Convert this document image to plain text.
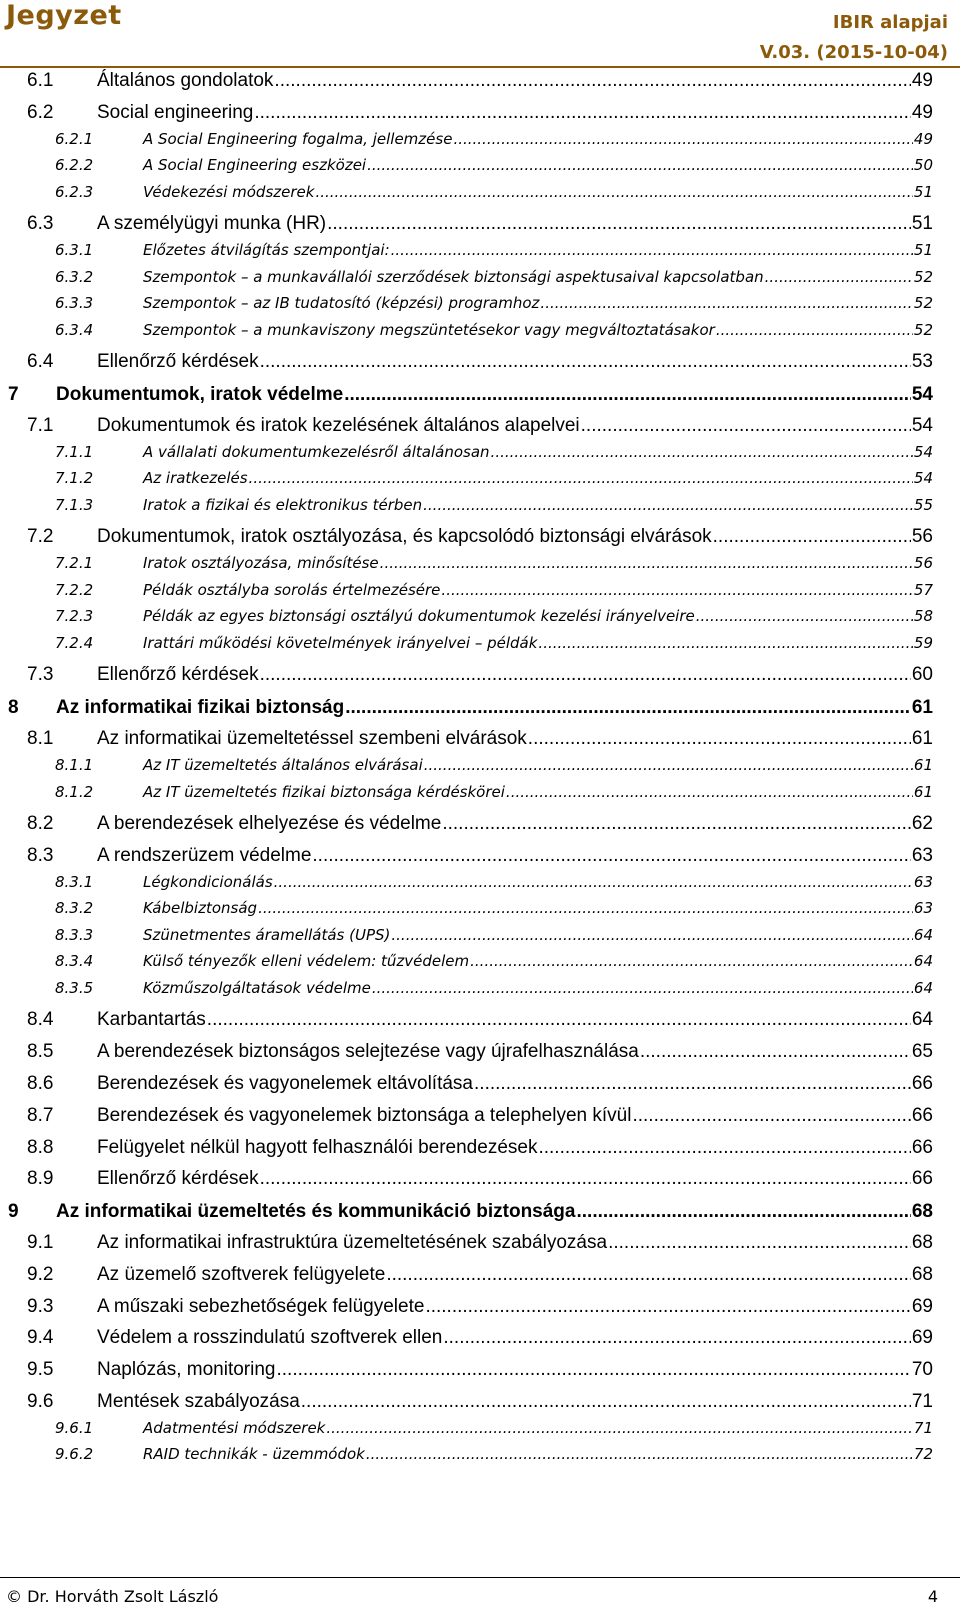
Jegyzet	IBIR alapjai
V.03. (2015-10-04)
6.1	Általános gondolatok .....	49
6.2	Social engineering .....	49
6.2.1	A Social Engineering fogalma, jellemzése .....	49
6.2.2	A Social Engineering eszközei .....	50
6.2.3	Védekezési módszerek .....	51
6.3	A személyügyi munka (HR) .....	51
6.3.1	Előzetes átvilágítás szempontjai: .....	51
6.3.2	Szempontok – a munkavállalói szerződések biztonsági aspektusaival kapcsolatban .....	52
6.3.3	Szempontok – az IB tudatosító (képzési) programhoz .....	52
6.3.4	Szempontok – a munkaviszony megszüntetésekor vagy megváltoztatásakor .....	52
6.4	Ellenőrző kérdések .....	53
7	Dokumentumok, iratok védelme .....	54
7.1	Dokumentumok és iratok kezelésének általános alapelvei .....	54
7.1.1	A vállalati dokumentumkezelésről általánosan .....	54
7.1.2	Az iratkezelés .....	54
7.1.3	Iratok a fizikai és elektronikus térben .....	55
7.2	Dokumentumok, iratok osztályozása, és kapcsolódó biztonsági elvárások .....	56
7.2.1	Iratok osztályozása, minősítése .....	56
7.2.2	Példák osztályba sorolás értelmezésére .....	57
7.2.3	Példák az egyes biztonsági osztályú dokumentumok kezelési irányelveire .....	58
7.2.4	Irattári működési követelmények irányelvei – példák .....	59
7.3	Ellenőrző kérdések .....	60
8	Az informatikai fizikai biztonság .....	61
8.1	Az informatikai üzemeltetéssel szembeni elvárások .....	61
8.1.1	Az IT üzemeltetés általános elvárásai .....	61
8.1.2	Az IT üzemeltetés fizikai biztonsága kérdéskörei .....	61
8.2	A berendezések elhelyezése és védelme .....	62
8.3	A rendszerüzem védelme .....	63
8.3.1	Légkondicionálás .....	63
8.3.2	Kábelbiztonság .....	63
8.3.3	Szünetmentes áramellátás (UPS) .....	64
8.3.4	Külső tényezők elleni védelem: tűzvédelem .....	64
8.3.5	Közműszolgáltatások védelme .....	64
8.4	Karbantartás .....	64
8.5	A berendezések biztonságos selejtezése vagy újrafelhasználása .....	65
8.6	Berendezések és vagyonelemek eltávolítása .....	66
8.7	Berendezések és vagyonelemek biztonsága a telephelyen kívül .....	66
8.8	Felügyelet nélkül hagyott felhasználói berendezések .....	66
8.9	Ellenőrző kérdések .....	66
9	Az informatikai üzemeltetés és kommunikáció biztonsága .....	68
9.1	Az informatikai infrastruktúra üzemeltetésének szabályozása .....	68
9.2	Az üzemelő szoftverek felügyelete .....	68
9.3	A műszaki sebezhetőségek felügyelete .....	69
9.4	Védelem a rosszindulatú szoftverek ellen .....	69
9.5	Naplózás, monitoring .....	70
9.6	Mentések szabályozása .....	71
9.6.1	Adatmentési módszerek .....	71
9.6.2	RAID technikák - üzemmódok .....	72
© Dr. Horváth Zsolt László	4
